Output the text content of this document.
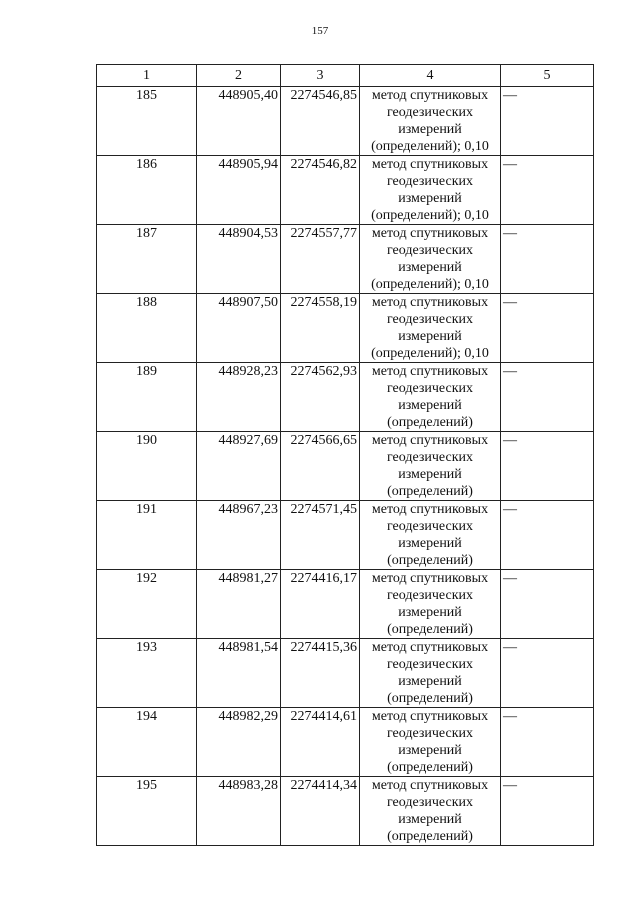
157
1	2	3	4	5
185	448905,40	2274546,85	метод спутниковых геодезических измерений (определений); 0,10	—
186	448905,94	2274546,82	метод спутниковых геодезических измерений (определений); 0,10	—
187	448904,53	2274557,77	метод спутниковых геодезических измерений (определений); 0,10	—
188	448907,50	2274558,19	метод спутниковых геодезических измерений (определений); 0,10	—
189	448928,23	2274562,93	метод спутниковых геодезических измерений (определений)	—
190	448927,69	2274566,65	метод спутниковых геодезических измерений (определений)	—
191	448967,23	2274571,45	метод спутниковых геодезических измерений (определений)	—
192	448981,27	2274416,17	метод спутниковых геодезических измерений (определений)	—
193	448981,54	2274415,36	метод спутниковых геодезических измерений (определений)	—
194	448982,29	2274414,61	метод спутниковых геодезических измерений (определений)	—
195	448983,28	2274414,34	метод спутниковых геодезических измерений (определений)	—
